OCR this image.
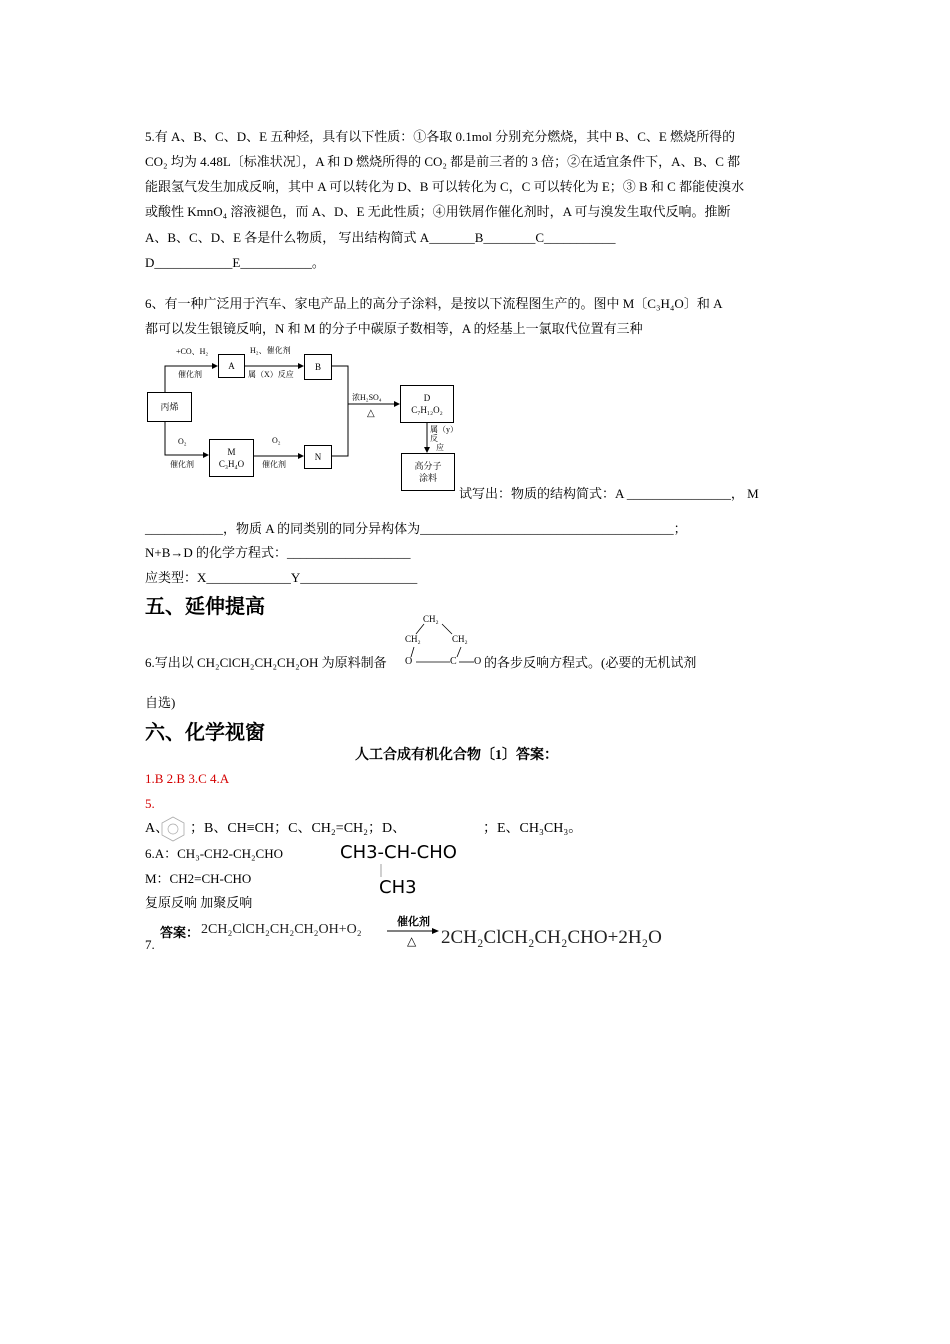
5.有 A、B、C、D、E 五种烃，具有以下性质：①各取 0.1mol 分别充分燃烧，其中 B、C、E 燃烧所得的
CO₂ 均为 4.48L〔标准状况〕，A 和 D 燃烧所得的 CO₂ 都是前三者的 3 倍；②在适宜条件下，A、B、C 都
能跟氢气发生加成反响，其中 A 可以转化为 D、B 可以转化为 C，C 可以转化为 E；③ B 和 C 都能使溴水
或酸性 KmnO₄ 溶液褪色，而 A、D、E 无此性质；④用铁屑作催化剂时，A 可与溴发生取代反响。推断
A、B、C、D、E 各是什么物质， 写出结构简式 A_______B________C___________
D____________E___________。
6、有一种广泛用于汽车、家电产品上的高分子涂料，是按以下流程图生产的。图中 M〔C₃H₄O〕和 A
都可以发生银镜反响，N 和 M 的分子中碳原子数相等，A 的烃基上一氯取代位置有三种
丙烯
A	B
M
C₃H₄O
N
D
C₇H₁₂O₂
高分子
涂料
+CO、H₂
催化剂
H₂、催化剂
属（X）反应
O₂
催化剂
O₂
催化剂
浓H₂SO₄
△
属（y）
反
应
试写出：物质的结构简式：A ________________， M
____________，物质 A 的同类别的同分异构体为_______________________________________；
N+B→D 的化学方程式：___________________
应类型：X_____________Y__________________
五、延伸提高
CH₂
CH₂	CH₂
O	C O
6.写出以 CH₂ClCH₂CH₂CH₂OH 为原料制备	的各步反响方程式。(必要的无机试剂
自选)
六、化学视窗
人工合成有机化合物〔1〕答案：
1.B 2.B 3.C 4.A
5.
A、 ；B、CH≡CH；C、CH₂=CH₂；D、	；E、CH₃CH₃。
6.A：CH₃-CH2-CH₂CHO	CH3-CH-CHO
CH3
M：CH2=CH-CHO
复原反响 加聚反响
7.
答案： 2CH₂ClCH₂CH₂CH₂OH+O₂	催化剂
△ 2CH₂ClCH₂CH₂CHO+2H₂O
